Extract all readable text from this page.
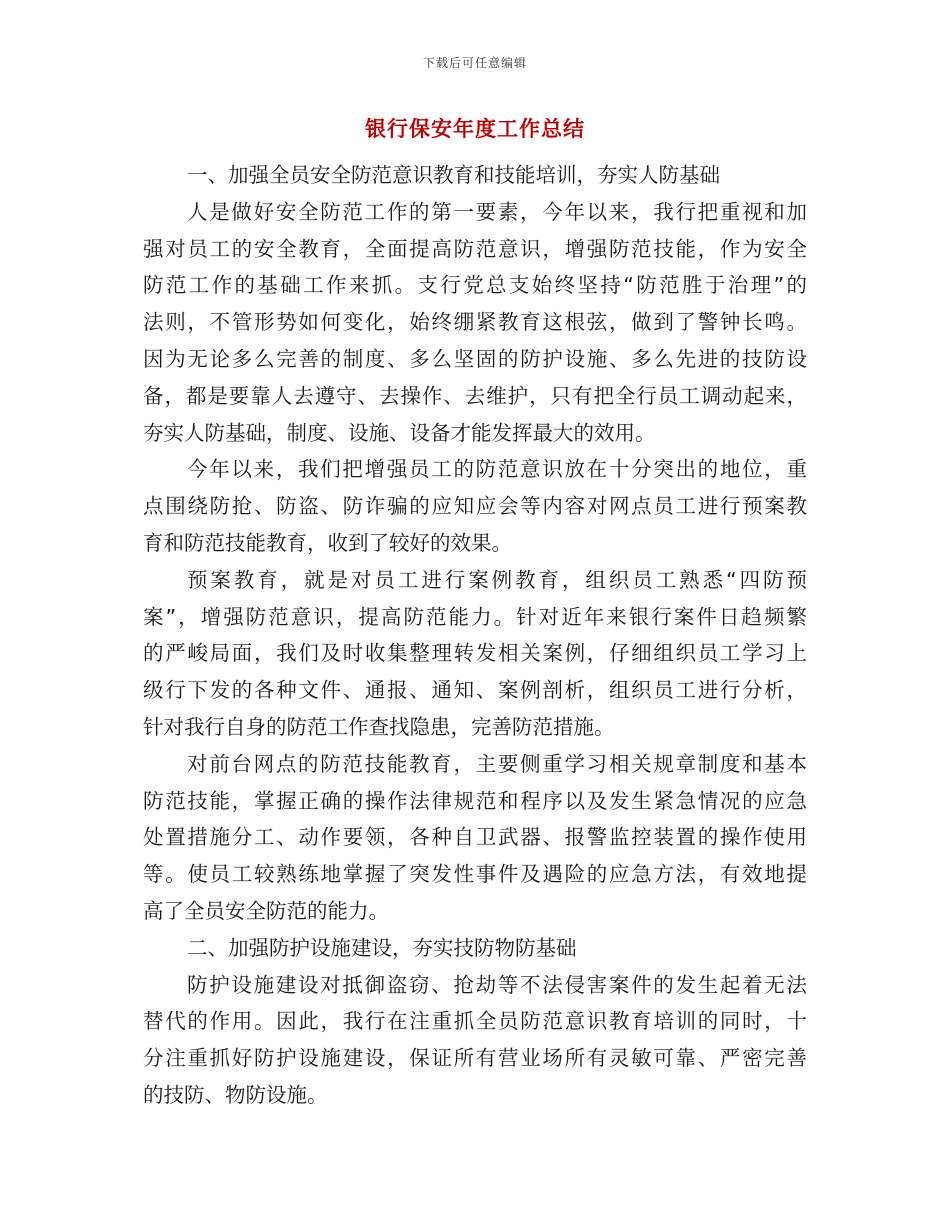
下载后可任意编辑
银行保安年度工作总结
一、加强全员安全防范意识教育和技能培训，夯实人防基础
人是做好安全防范工作的第一要素，今年以来，我行把重视和加
强对员工的安全教育，全面提高防范意识，增强防范技能，作为安全
防范工作的基础工作来抓。支行党总支始终坚持“防范胜于治理”的
法则，不管形势如何变化，始终绷紧教育这根弦，做到了警钟长鸣。
因为无论多么完善的制度、多么坚固的防护设施、多么先进的技防设
备，都是要靠人去遵守、去操作、去维护，只有把全行员工调动起来，
夯实人防基础，制度、设施、设备才能发挥最大的效用。
今年以来，我们把增强员工的防范意识放在十分突出的地位，重
点围绕防抢、防盗、防诈骗的应知应会等内容对网点员工进行预案教
育和防范技能教育，收到了较好的效果。
预案教育，就是对员工进行案例教育，组织员工熟悉“四防预
案”，增强防范意识，提高防范能力。针对近年来银行案件日趋频繁
的严峻局面，我们及时收集整理转发相关案例，仔细组织员工学习上
级行下发的各种文件、通报、通知、案例剖析，组织员工进行分析，
针对我行自身的防范工作查找隐患，完善防范措施。
对前台网点的防范技能教育，主要侧重学习相关规章制度和基本
防范技能，掌握正确的操作法律规范和程序以及发生紧急情况的应急
处置措施分工、动作要领，各种自卫武器、报警监控装置的操作使用
等。使员工较熟练地掌握了突发性事件及遇险的应急方法，有效地提
高了全员安全防范的能力。
二、加强防护设施建设，夯实技防物防基础
防护设施建设对抵御盗窃、抢劫等不法侵害案件的发生起着无法
替代的作用。因此，我行在注重抓全员防范意识教育培训的同时，十
分注重抓好防护设施建设，保证所有营业场所有灵敏可靠、严密完善
的技防、物防设施。
